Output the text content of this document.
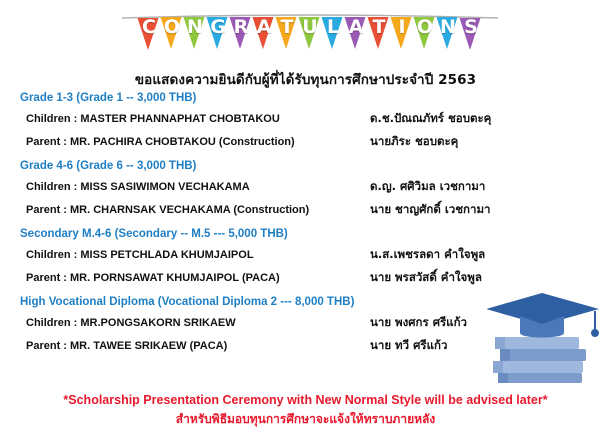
C O N G R A T U L A T I O N S
ขอแสดงความยินดีกับผู้ที่ได้รับทุนการศึกษาประจำปี 2563
Grade 1-3 (Grade 1 -- 3,000 THB)
Children : MASTER PHANNAPHAT CHOBTAKOU	ด.ช.ปัณณภัทร์ ชอบตะคุ
Parent : MR. PACHIRA CHOBTAKOU (Construction)	นายภิระ ชอบตะคุ
Grade 4-6 (Grade 6 -- 3,000 THB)
Children : MISS SASIWIMON VECHAKAMA	ด.ญ. ศศิวิมล เวชกามา
Parent : MR. CHARNSAK VECHAKAMA (Construction)	นาย ชาญศักดิ์ เวชกามา
Secondary M.4-6 (Secondary -- M.5 --- 5,000 THB)
Children : MISS PETCHLADA KHUMJAIPOL	น.ส.เพชรลดา คำใจพูล
Parent : MR. PORNSAWAT KHUMJAIPOL (PACA)	นาย พรสวัสดิ์ คำใจพูล
High Vocational Diploma (Vocational Diploma 2 --- 8,000 THB)
Children : MR.PONGSAKORN SRIKAEW	นาย พงศกร ศรีแก้ว
Parent : MR. TAWEE SRIKAEW (PACA)	นาย ทวี ศรีแก้ว
*Scholarship Presentation Ceremony with New Normal Style will be advised later*
สำหรับพิธีมอบทุนการศึกษาจะแจ้งให้ทราบภายหลัง
